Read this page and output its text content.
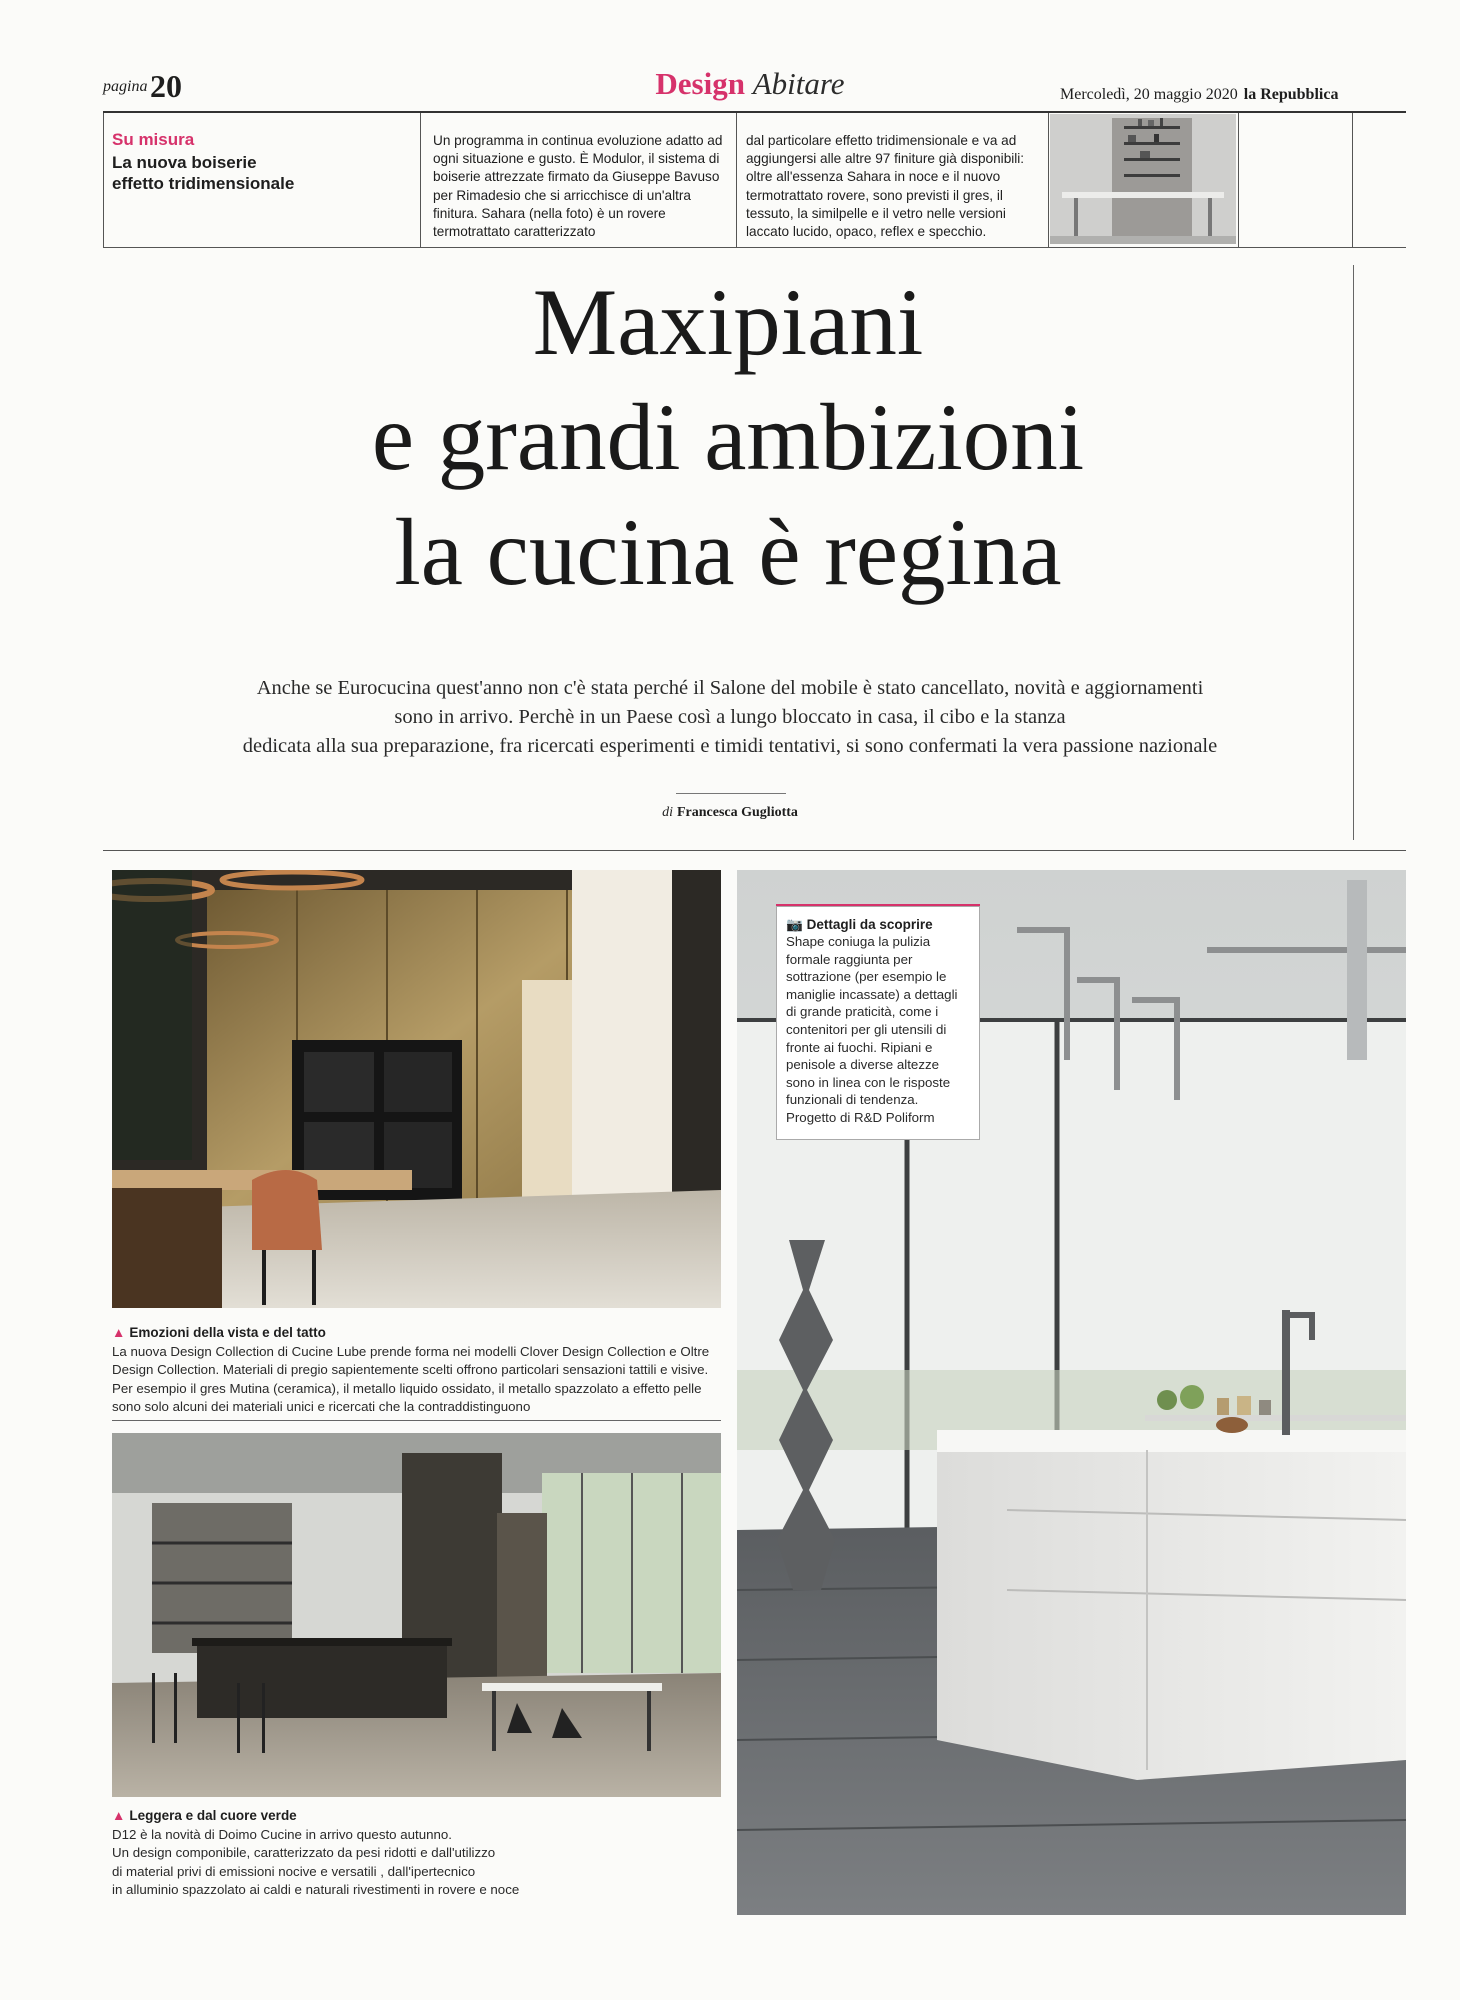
pagina 20	Design Abitare	Mercoledì, 20 maggio 2020 la Repubblica
Su misura
La nuova boiserie effetto tridimensionale
Un programma in continua evoluzione adatto ad ogni situazione e gusto. È Modulor, il sistema di boiserie attrezzate firmato da Giuseppe Bavuso per Rimadesio che si arricchisce di un'altra finitura. Sahara (nella foto) è un rovere termotrattato caratterizzato
dal particolare effetto tridimensionale e va ad aggiungersi alle altre 97 finiture già disponibili: oltre all'essenza Sahara in noce e il nuovo termotrattato rovere, sono previsti il gres, il tessuto, la similpelle e il vetro nelle versioni laccato lucido, opaco, reflex e specchio.
Maxipiani
e grandi ambizioni
la cucina è regina
Anche se Eurocucina quest'anno non c'è stata perché il Salone del mobile è stato cancellato, novità e aggiornamenti
sono in arrivo. Perchè in un Paese così a lungo bloccato in casa, il cibo e la stanza
dedicata alla sua preparazione, fra ricercati esperimenti e timidi tentativi, si sono confermati la vera passione nazionale
di Francesca Gugliotta
▲ Emozioni della vista e del tatto
La nuova Design Collection di Cucine Lube prende forma nei modelli Clover Design Collection e Oltre Design Collection. Materiali di pregio sapientemente scelti offrono particolari sensazioni tattili e visive. Per esempio il gres Mutina (ceramica), il metallo liquido ossidato, il metallo spazzolato a effetto pelle sono solo alcuni dei materiali unici e ricercati che la contraddistinguono
▲ Leggera e dal cuore verde
D12 è la novità di Doimo Cucine in arrivo questo autunno.
Un design componibile, caratterizzato da pesi ridotti e dall'utilizzo
di material privi di emissioni nocive e versatili , dall'ipertecnico
in alluminio spazzolato ai caldi e naturali rivestimenti in rovere e noce
📷 Dettagli da scoprire
Shape coniuga la pulizia formale raggiunta per sottrazione (per esempio le maniglie incassate) a dettagli di grande praticità, come i contenitori per gli utensili di fronte ai fuochi. Ripiani e penisole a diverse altezze sono in linea con le risposte funzionali di tendenza. Progetto di R&D Poliform
